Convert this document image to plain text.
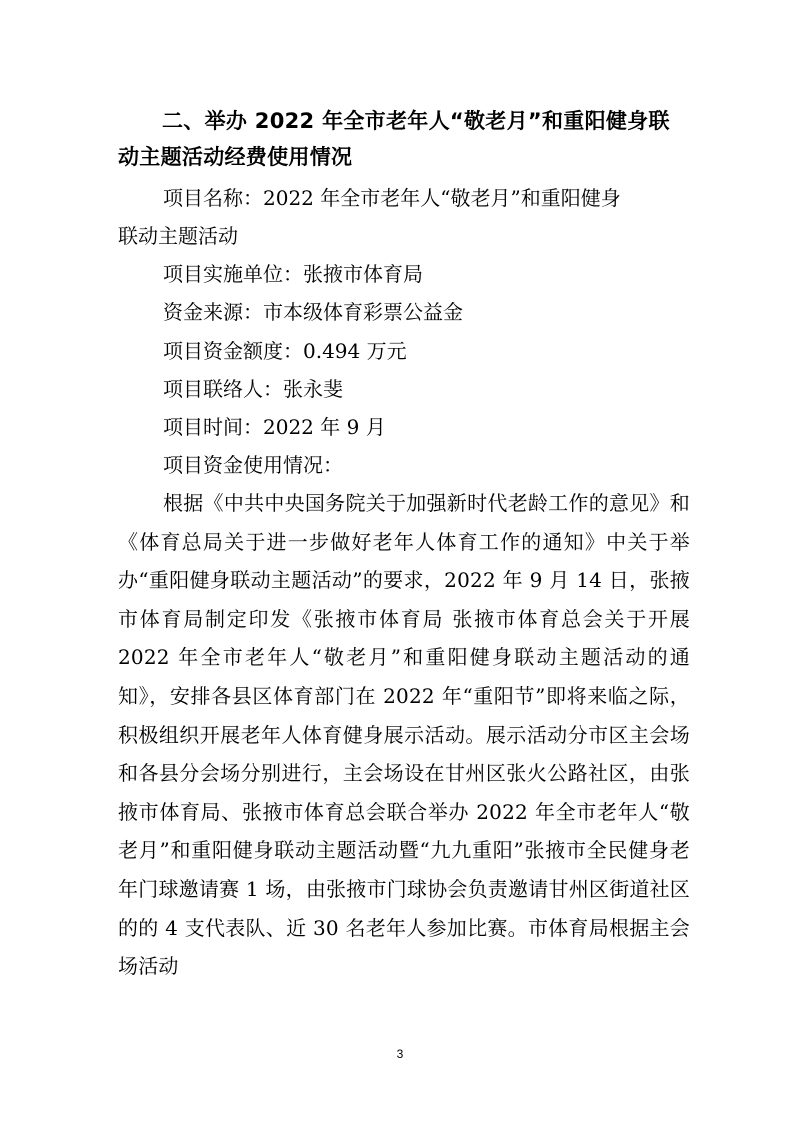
二、举办 2022 年全市老年人“敬老月”和重阳健身联动主题活动经费使用情况
项目名称：2022 年全市老年人“敬老月”和重阳健身
联动主题活动
项目实施单位：张掖市体育局
资金来源：市本级体育彩票公益金
项目资金额度：0.494 万元
项目联络人：张永斐
项目时间：2022 年 9 月
项目资金使用情况：
根据《中共中央国务院关于加强新时代老龄工作的意见》和《体育总局关于进一步做好老年人体育工作的通知》中关于举办“重阳健身联动主题活动”的要求，2022 年 9 月 14 日，张掖市体育局制定印发《张掖市体育局 张掖市体育总会关于开展 2022 年全市老年人“敬老月”和重阳健身联动主题活动的通知》，安排各县区体育部门在 2022 年“重阳节”即将来临之际，积极组织开展老年人体育健身展示活动。展示活动分市区主会场和各县分会场分别进行，主会场设在甘州区张火公路社区，由张掖市体育局、张掖市体育总会联合举办 2022 年全市老年人“敬老月”和重阳健身联动主题活动暨“九九重阳”张掖市全民健身老年门球邀请赛 1 场，由张掖市门球协会负责邀请甘州区街道社区的的 4 支代表队、近 30 名老年人参加比赛。市体育局根据主会场活动
3
